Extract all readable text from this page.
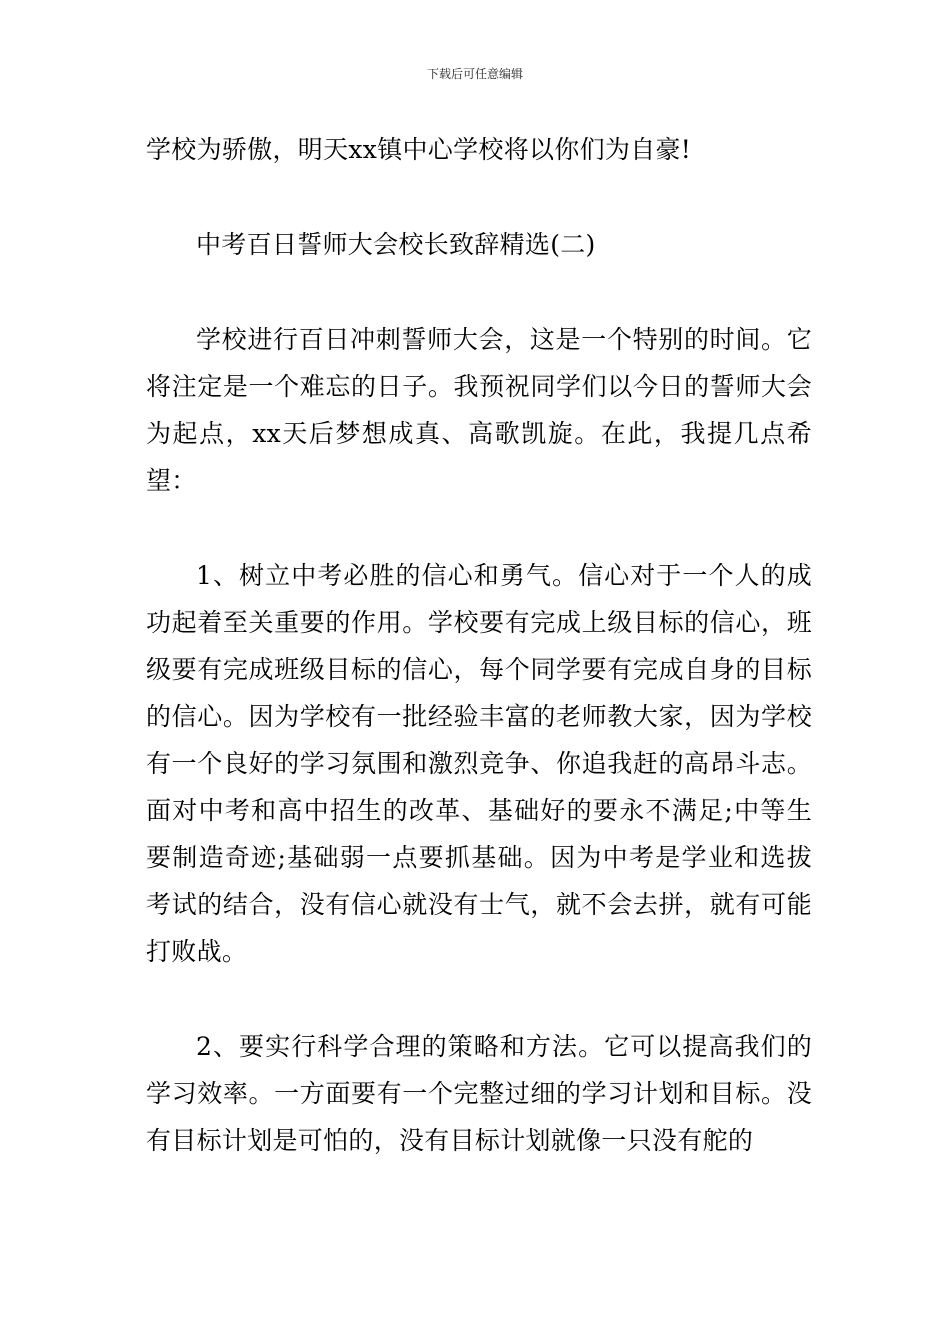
下载后可任意编辑

学校为骄傲，明天xx镇中心学校将以你们为自豪!

中考百日誓师大会校长致辞精选(二)

学校进行百日冲刺誓师大会，这是一个特别的时间。它将注定是一个难忘的日子。我预祝同学们以今日的誓师大会为起点，xx天后梦想成真、高歌凯旋。在此，我提几点希望：

1、树立中考必胜的信心和勇气。信心对于一个人的成功起着至关重要的作用。学校要有完成上级目标的信心，班级要有完成班级目标的信心，每个同学要有完成自身的目标的信心。因为学校有一批经验丰富的老师教大家，因为学校有一个良好的学习氛围和激烈竞争、你追我赶的高昂斗志。面对中考和高中招生的改革、基础好的要永不满足;中等生要制造奇迹;基础弱一点要抓基础。因为中考是学业和选拔考试的结合，没有信心就没有士气，就不会去拼，就有可能打败战。

2、要实行科学合理的策略和方法。它可以提高我们的学习效率。一方面要有一个完整过细的学习计划和目标。没有目标计划是可怕的，没有目标计划就像一只没有舵的
